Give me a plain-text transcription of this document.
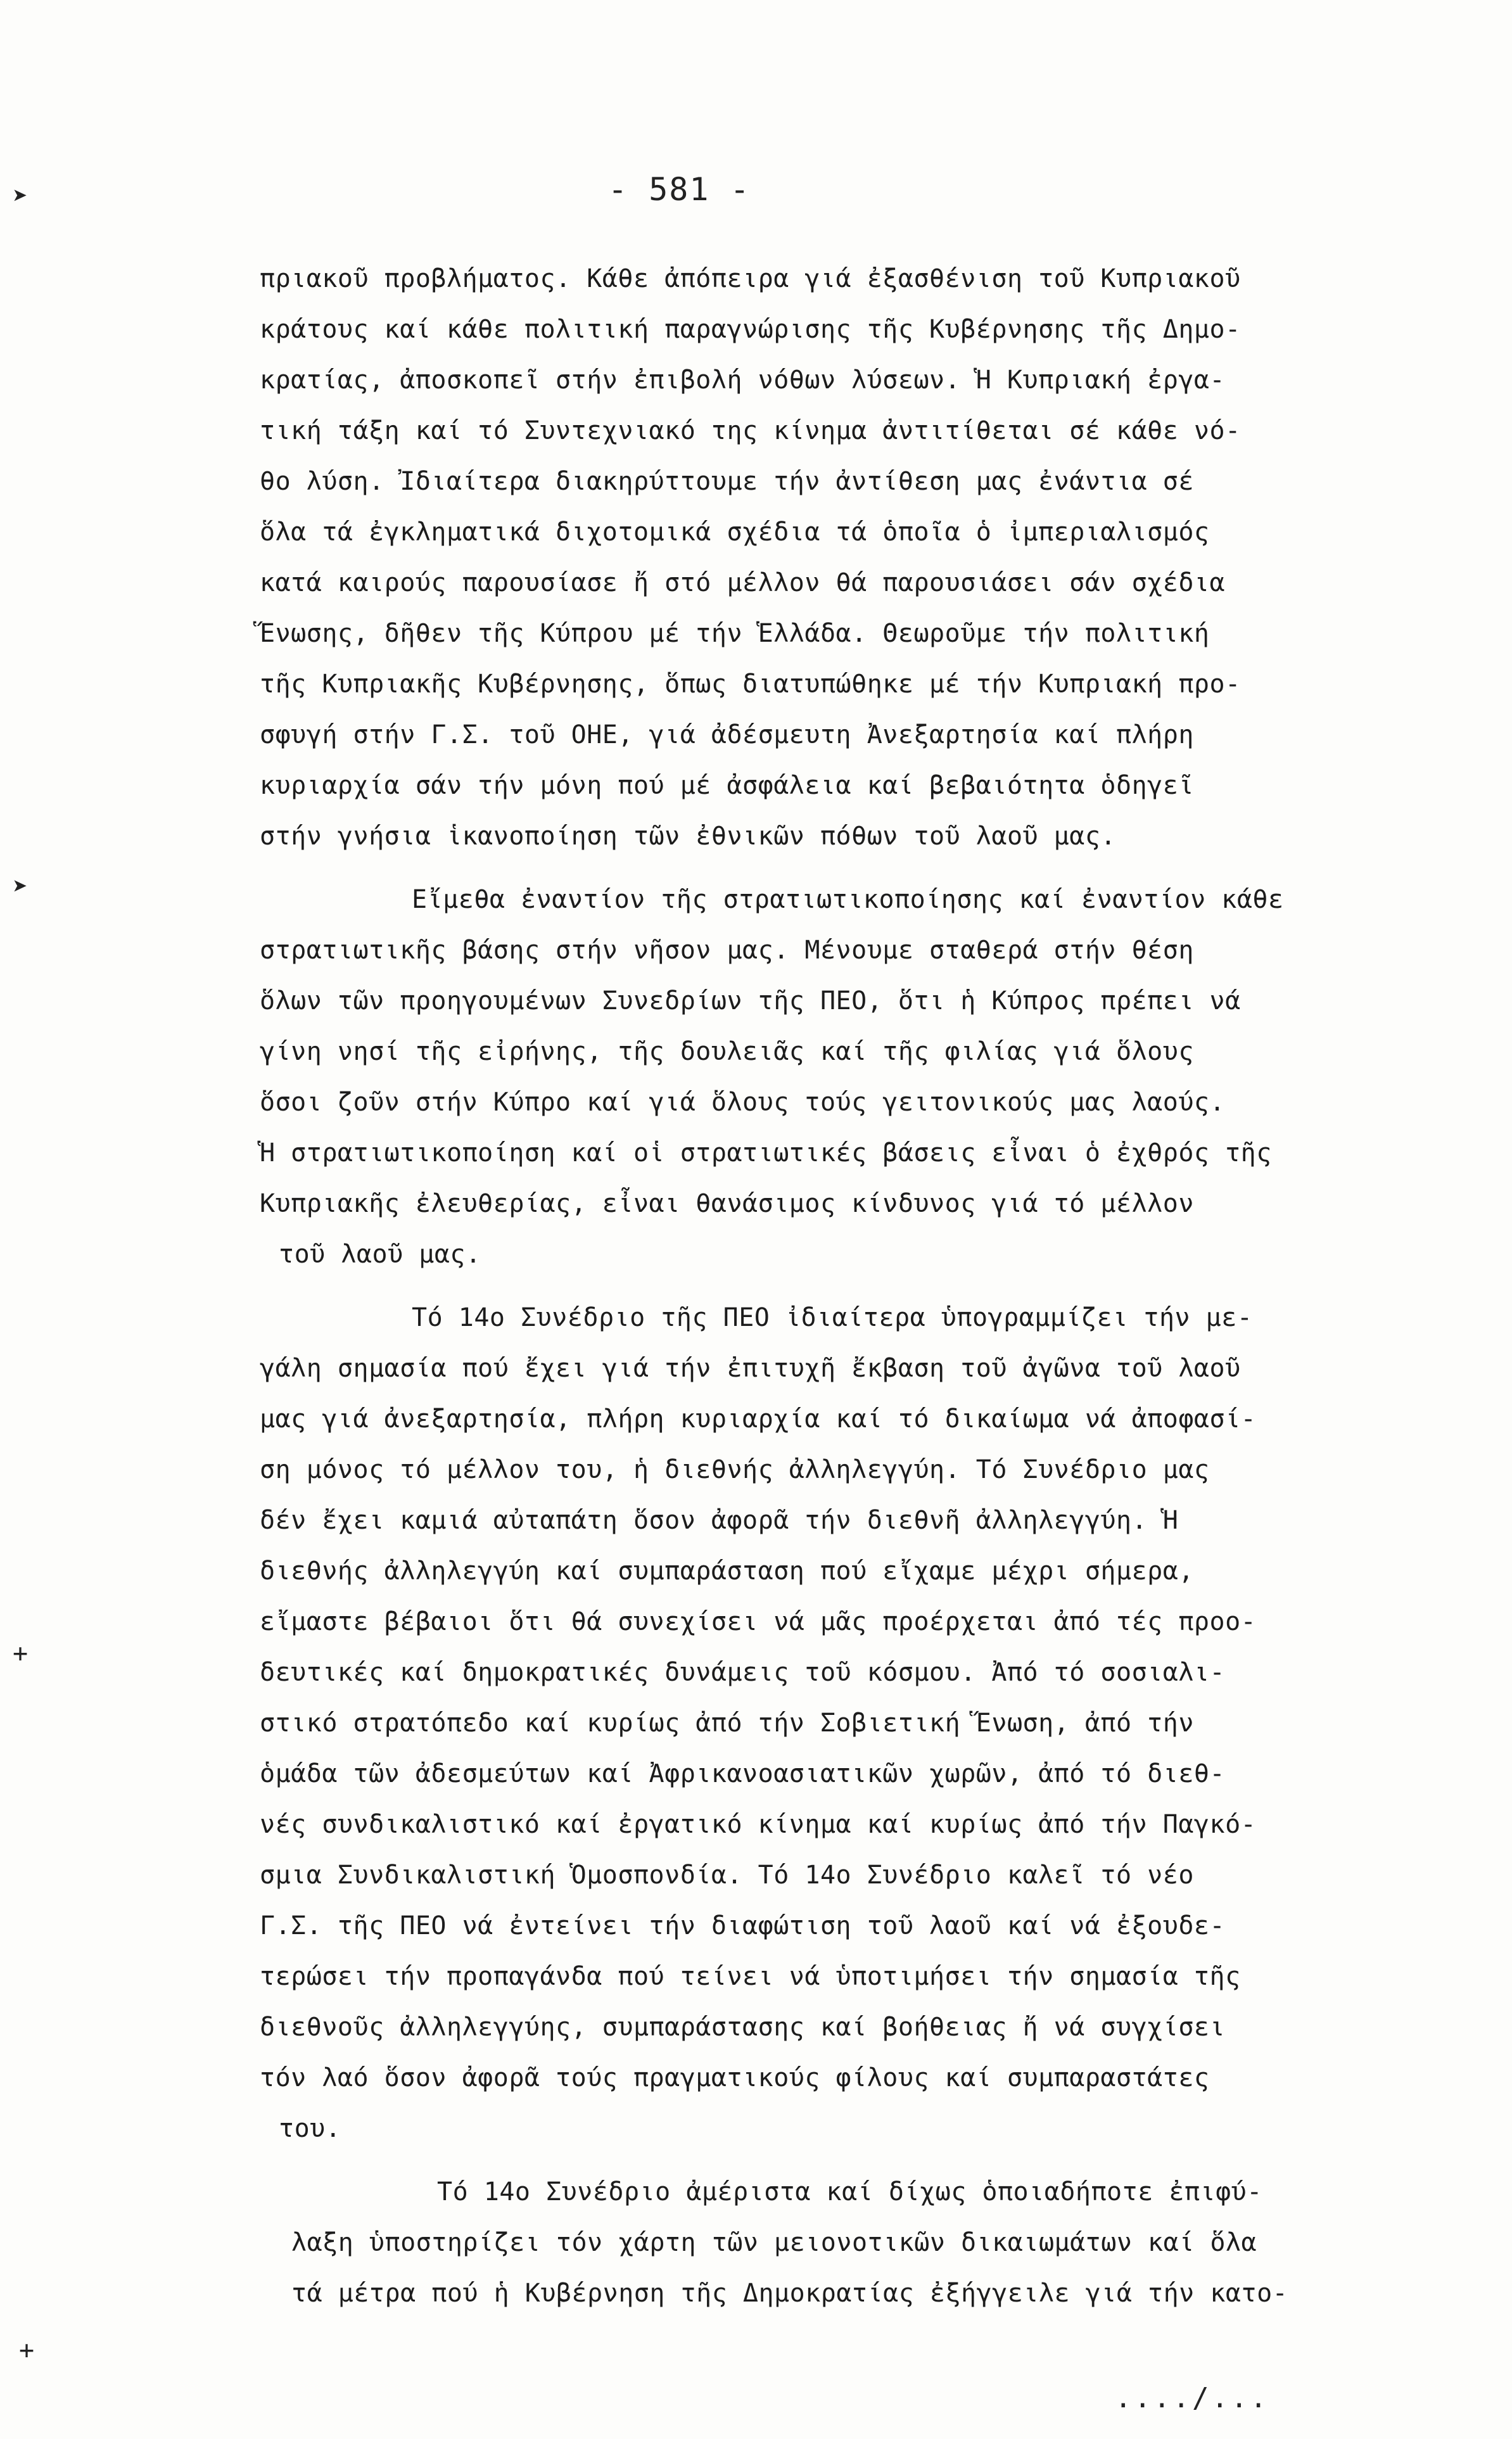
- 581 -
➤
➤
+
+
πριακοῦ προβλήματος. Κάθε ἀπόπειρα γιά ἐξασθένιση τοῦ Κυπριακοῦ
κράτους καί κάθε πολιτική παραγνώρισης τῆς Κυβέρνησης τῆς Δημο-
κρατίας, ἀποσκοπεῖ στήν ἐπιβολή νόθων λύσεων. Ἡ Κυπριακή ἐργα-
τική τάξη καί τό Συντεχνιακό της κίνημα ἀντιτίθεται σέ κάθε νό-
θο λύση. Ἰδιαίτερα διακηρύττουμε τήν ἀντίθεση μας ἐνάντια σέ
ὅλα τά ἐγκληματικά διχοτομικά σχέδια τά ὁποῖα ὁ ἰμπεριαλισμός
κατά καιρούς παρουσίασε ἤ στό μέλλον θά παρουσιάσει σάν σχέδια
Ἕνωσης, δῆθεν τῆς Κύπρου μέ τήν Ἑλλάδα. Θεωροῦμε τήν πολιτική
τῆς Κυπριακῆς Κυβέρνησης, ὅπως διατυπώθηκε μέ τήν Κυπριακή προ-
σφυγή στήν Γ.Σ. τοῦ ΟΗΕ, γιά ἀδέσμευτη Ἀνεξαρτησία καί πλήρη
κυριαρχία σάν τήν μόνη πού μέ ἀσφάλεια καί βεβαιότητα ὁδηγεῖ
στήν γνήσια ἱκανοποίηση τῶν ἐθνικῶν πόθων τοῦ λαοῦ μας.
Εἴμεθα ἐναντίον τῆς στρατιωτικοποίησης καί ἐναντίον κάθε
στρατιωτικῆς βάσης στήν νῆσον μας. Μένουμε σταθερά στήν θέση
ὅλων τῶν προηγουμένων Συνεδρίων τῆς ΠΕΟ, ὅτι ἡ Κύπρος πρέπει νά
γίνη νησί τῆς εἰρήνης, τῆς δουλειᾶς καί τῆς φιλίας γιά ὅλους
ὅσοι ζοῦν στήν Κύπρο καί γιά ὅλους τούς γειτονικούς μας λαούς.
Ἡ στρατιωτικοποίηση καί οἱ στρατιωτικές βάσεις εἶναι ὁ ἐχθρός τῆς
Κυπριακῆς ἐλευθερίας, εἶναι θανάσιμος κίνδυνος γιά τό μέλλον
τοῦ λαοῦ μας.
Τό 14ο Συνέδριο τῆς ΠΕΟ ἰδιαίτερα ὑπογραμμίζει τήν με-
γάλη σημασία πού ἔχει γιά τήν ἐπιτυχῆ ἔκβαση τοῦ ἀγῶνα τοῦ λαοῦ
μας γιά ἀνεξαρτησία, πλήρη κυριαρχία καί τό δικαίωμα νά ἀποφασί-
ση μόνος τό μέλλον του, ἡ διεθνής ἀλληλεγγύη. Τό Συνέδριο μας
δέν ἔχει καμιά αὐταπάτη ὅσον ἀφορᾶ τήν διεθνῆ ἀλληλεγγύη. Ἡ
διεθνής ἀλληλεγγύη καί συμπαράσταση πού εἴχαμε μέχρι σήμερα,
εἴμαστε βέβαιοι ὅτι θά συνεχίσει νά μᾶς προέρχεται ἀπό τές προο-
δευτικές καί δημοκρατικές δυνάμεις τοῦ κόσμου. Ἀπό τό σοσιαλι-
στικό στρατόπεδο καί κυρίως ἀπό τήν Σοβιετική Ἕνωση, ἀπό τήν
ὁμάδα τῶν ἀδεσμεύτων καί Ἀφρικανοασιατικῶν χωρῶν, ἀπό τό διεθ-
νές συνδικαλιστικό καί ἐργατικό κίνημα καί κυρίως ἀπό τήν Παγκό-
σμια Συνδικαλιστική Ὁμοσπονδία. Τό 14ο Συνέδριο καλεῖ τό νέο
Γ.Σ. τῆς ΠΕΟ νά ἐντείνει τήν διαφώτιση τοῦ λαοῦ καί νά ἐξουδε-
τερώσει τήν προπαγάνδα πού τείνει νά ὑποτιμήσει τήν σημασία τῆς
διεθνοῦς ἀλληλεγγύης, συμπαράστασης καί βοήθειας ἤ νά συγχίσει
τόν λαό ὅσον ἀφορᾶ τούς πραγματικούς φίλους καί συμπαραστάτες
του.
Τό 14ο Συνέδριο ἀμέριστα καί δίχως ὁποιαδήποτε ἐπιφύ-
λαξη ὑποστηρίζει τόν χάρτη τῶν μειονοτικῶν δικαιωμάτων καί ὅλα
τά μέτρα πού ἡ Κυβέρνηση τῆς Δημοκρατίας ἐξήγγειλε γιά τήν κατο-
..../...
